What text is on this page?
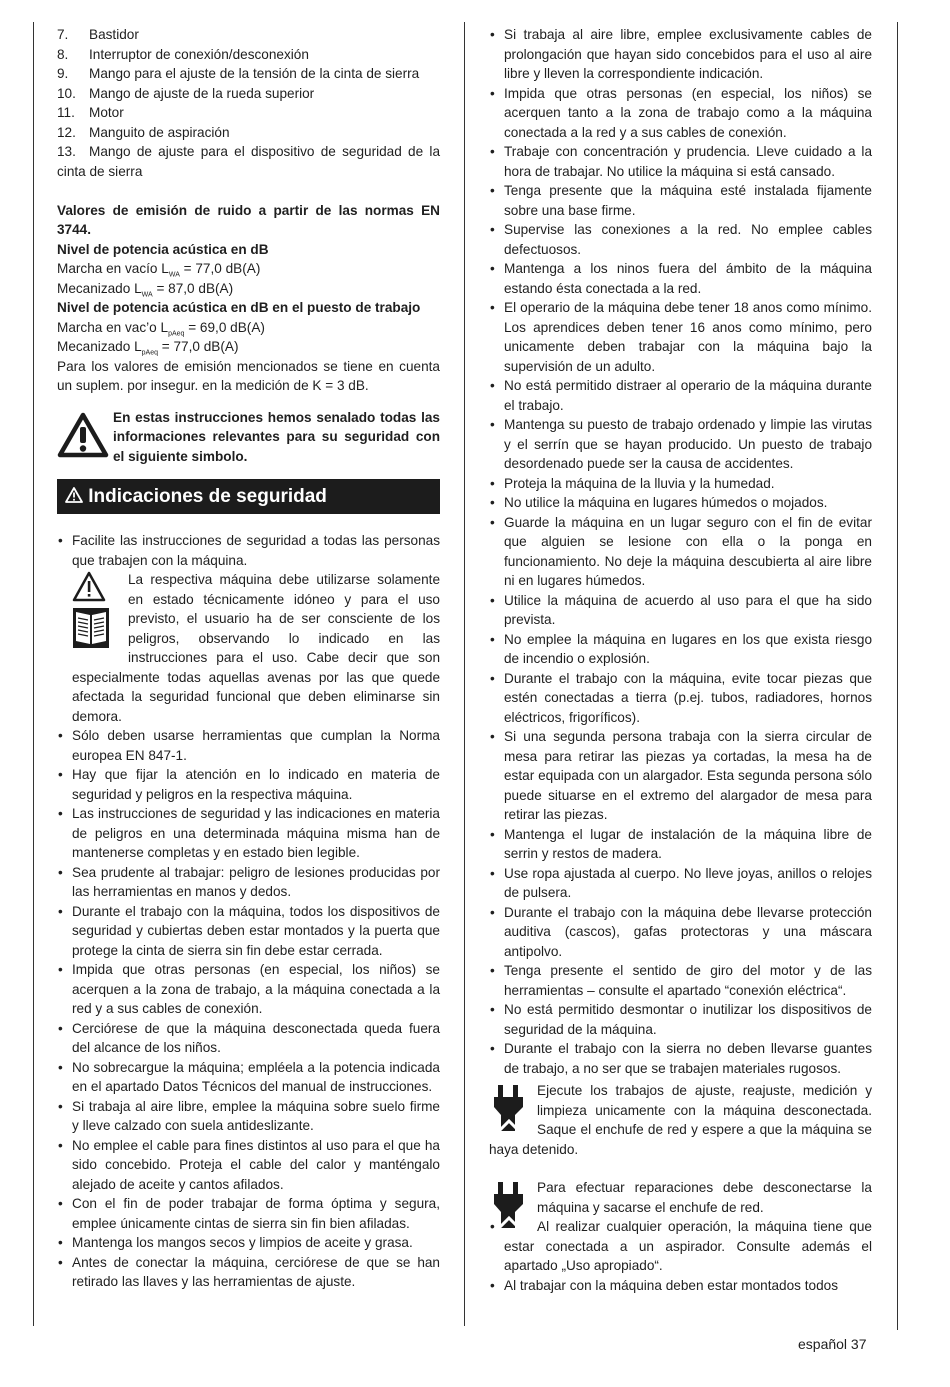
7.	Bastidor
8.	Interruptor de conexión/desconexión

9. Mango para el ajuste de la tensión de la cinta de sierra

10. Mango de ajuste de la rueda superior
11.	Motor
12. Manguito de aspiración

13. Mango de ajuste para el dispositivo de seguridad de la cinta de sierra

Valores de emisión de ruido a partir de las normas EN 3744.

Nivel de potencia acústica en dB

Marcha en vacío $L_{WA} = 77,0$ dB(A)

Mecanizado $L_{WA} = 87,0$ dB(A)

Nivel de potencia acústica en dB en el puesto de trabajo

Marcha en vac’o $L_{pAeq} = 69,0$ dB(A)

Mecanizado $L_{pAeq} = 77,0$ dB(A)

Para los valores de emisión mencionados se tiene en cuenta un suplem. por insegur. en la medición de K = 3 dB.

En estas instrucciones hemos senalado todas las informaciones relevantes para su seguridad con el siguiente simbolo.

Indicaciones de seguridad
• Facilite las instrucciones de seguridad a todas las personas que trabajen con la máquina.
La respectiva máquina debe utilizarse solamente en estado técnicamente idóneo y para el uso previsto, el usuario ha de ser consciente de los peligros, observando lo indicado en las instrucciones para el uso. Cabe decir que son especialmente todas aquellas avenas por las que quede afectada la seguridad funcional que deben eliminarse sin demora.
• Sólo deben usarse herramientas que cumplan la Norma europea EN 847-1.
• Hay que fijar la atención en lo indicado en materia de seguridad y peligros en la respectiva máquina.
• Las instrucciones de seguridad y las indicaciones en materia de peligros en una determinada máquina misma han de mantenerse completas y en estado bien legible.
• Sea prudente al trabajar: peligro de lesiones producidas por las herramientas en manos y dedos.
• Durante el trabajo con la máquina, todos los dispositivos de seguridad y cubiertas deben estar montados y la puerta que protege la cinta de sierra sin fin debe estar cerrada.
• Impida que otras personas (en especial, los niños) se acerquen a la zona de trabajo, a la máquina conectada a la red y a sus cables de conexión.
• Cerciórese de que la máquina desconectada queda fuera del alcance de los niños.
• No sobrecargue la máquina; empléela a la potencia indicada en el apartado Datos Técnicos del manual de instrucciones.
• Si trabaja al aire libre, emplee la máquina sobre suelo firme y lleve calzado con suela antideslizante.
• No emplee el cable para fines distintos al uso para el que ha sido concebido. Proteja el cable del calor y manténgalo alejado de aceite y cantos afilados.
• Con el fin de poder trabajar de forma óptima y segura, emplee únicamente cintas de sierra sin fin bien afiladas.
• Mantenga los mangos secos y limpios de aceite y grasa.
• Antes de conectar la máquina, cerciórese de que se han retirado las llaves y las herramientas de ajuste.
• Si trabaja al aire libre, emplee exclusivamente cables de prolongación que hayan sido concebidos para el uso al aire libre y lleven la correspondiente indicación.
• Impida que otras personas (en especial, los niños) se acerquen tanto a la zona de trabajo como a la máquina conectada a la red y a sus cables de conexión.
• Trabaje con concentración y prudencia. Lleve cuidado a la hora de trabajar. No utilice la máquina si está cansado.
• Tenga presente que la máquina esté instalada fijamente sobre una base firme.
• Supervise las conexiones a la red. No emplee cables defectuosos.
• Mantenga a los ninos fuera del ámbito de la máquina estando ésta conectada a la red.
• El operario de la máquina debe tener 18 anos como mínimo. Los aprendices deben tener 16 anos como mínimo, pero unicamente deben trabajar con la máquina bajo la supervisión de un adulto.
• No está permitido distraer al operario de la máquina durante el trabajo.
• Mantenga su puesto de trabajo ordenado y limpie las virutas y el serrín que se hayan producido. Un puesto de trabajo desordenado puede ser la causa de accidentes.
• Proteja la máquina de la lluvia y la humedad.
• No utilice la máquina en lugares húmedos o mojados.
• Guarde la máquina en un lugar seguro con el fin de evitar que alguien se lesione con ella o la ponga en funcionamiento. No deje la máquina descubierta al aire libre ni en lugares húmedos.
• Utilice la máquina de acuerdo al uso para el que ha sido prevista.
• No emplee la máquina en lugares en los que exista riesgo de incendio o explosión.
• Durante el trabajo con la máquina, evite tocar piezas que estén conectadas a tierra (p.ej. tubos, radiadores, hornos eléctricos, frigoríficos).
• Si una segunda persona trabaja con la sierra circular de mesa para retirar las piezas ya cortadas, la mesa ha de estar equipada con un alargador. Esta segunda persona sólo puede situarse en el extremo del alargador de mesa para retirar las piezas.
• Mantenga el lugar de instalación de la máquina libre de serrin y restos de madera.
• Use ropa ajustada al cuerpo. No lleve joyas, anillos o relojes de pulsera.
• Durante el trabajo con la máquina debe llevarse protección auditiva (cascos), gafas protectoras y una máscara antipolvo.
• Tenga presente el sentido de giro del motor y de las herramientas – consulte el apartado “conexión eléctrica“.
• No está permitido desmontar o inutilizar los dispositivos de seguridad de la máquina.
• Durante el trabajo con la sierra no deben llevarse guantes de trabajo, a no ser que se trabajen materiales rugosos.

Ejecute los trabajos de ajuste, reajuste, medición y limpieza unicamente con la máquina desconectada. Saque el enchufe de red y espere a que la máquina se haya detenido.

Para efectuar reparaciones debe desconectarse la máquina y sacarse el enchufe de red.

• Al realizar cualquier operación, la máquina tiene que estar conectada a un aspirador. Consulte además el apartado „Uso apropiado“.
• Al trabajar con la máquina deben estar montados todos
español 37
